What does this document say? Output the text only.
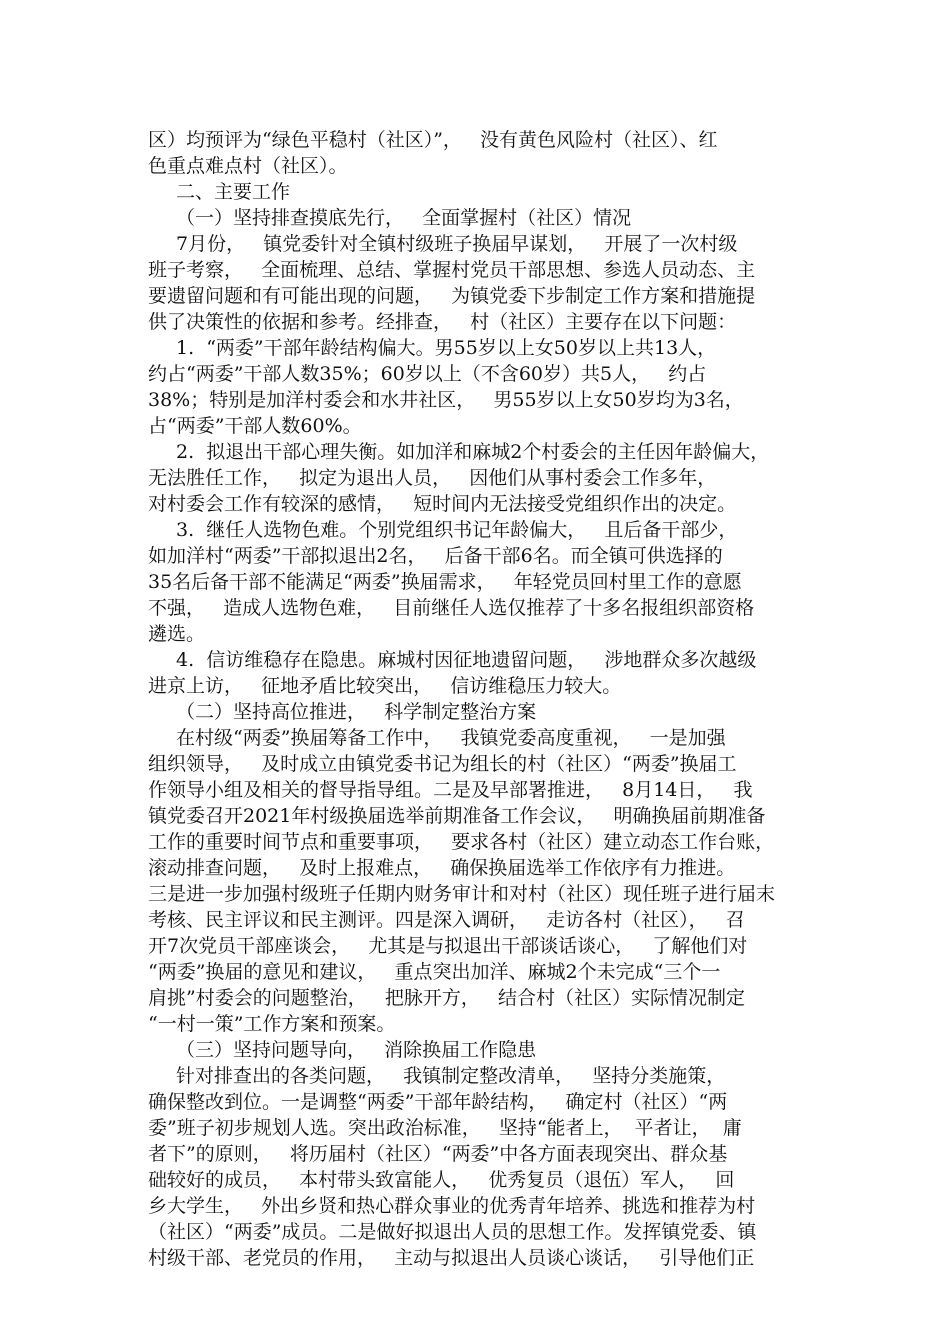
区）均预评为“绿色平稳村（社区）”，   没有黄色风险村（社区）、红
色重点难点村（社区）。
二、主要工作
（一）坚持排查摸底先行，   全面掌握村（社区）情况
7月份，   镇党委针对全镇村级班子换届早谋划，   开展了一次村级
班子考察，   全面梳理、总结、掌握村党员干部思想、参选人员动态、主
要遗留问题和有可能出现的问题，   为镇党委下步制定工作方案和措施提
供了决策性的依据和参考。经排查，   村（社区）主要存在以下问题：
1.  “两委”干部年龄结构偏大。男55岁以上女50岁以上共13人，
约占“两委”干部人数35%；60岁以上（不含60岁）共5人，   约占
38%；特别是加洋村委会和水井社区，   男55岁以上女50岁均为3名，
占“两委”干部人数60%。
2.  拟退出干部心理失衡。如加洋和麻城2个村委会的主任因年龄偏大，
无法胜任工作，   拟定为退出人员，   因他们从事村委会工作多年，
对村委会工作有较深的感情，   短时间内无法接受党组织作出的决定。
3.  继任人选物色难。个别党组织书记年龄偏大，   且后备干部少，
如加洋村“两委”干部拟退出2名，   后备干部6名。而全镇可供选择的
35名后备干部不能满足“两委”换届需求，   年轻党员回村里工作的意愿
不强，   造成人选物色难，   目前继任人选仅推荐了十多名报组织部资格
遴选。
4.  信访维稳存在隐患。麻城村因征地遗留问题，   涉地群众多次越级
进京上访，   征地矛盾比较突出，   信访维稳压力较大。
（二）坚持高位推进，   科学制定整治方案
在村级“两委”换届筹备工作中，   我镇党委高度重视，   一是加强
组织领导，   及时成立由镇党委书记为组长的村（社区）“两委”换届工
作领导小组及相关的督导指导组。二是及早部署推进，   8月14日，   我
镇党委召开2021年村级换届选举前期准备工作会议，   明确换届前期准备
工作的重要时间节点和重要事项，   要求各村（社区）建立动态工作台账，
滚动排查问题，   及时上报难点，   确保换届选举工作依序有力推进。
三是进一步加强村级班子任期内财务审计和对村（社区）现任班子进行届末
考核、民主评议和民主测评。四是深入调研，   走访各村（社区），   召
开7次党员干部座谈会，   尤其是与拟退出干部谈话谈心，   了解他们对
“两委”换届的意见和建议，   重点突出加洋、麻城2个未完成“三个一
肩挑”村委会的问题整治，   把脉开方，   结合村（社区）实际情况制定
“一村一策”工作方案和预案。
（三）坚持问题导向，   消除换届工作隐患
针对排查出的各类问题，   我镇制定整改清单，   坚持分类施策，
确保整改到位。一是调整“两委”干部年龄结构，   确定村（社区）“两
委”班子初步规划人选。突出政治标准，   坚持“能者上，  平者让，  庸
者下”的原则，   将历届村（社区）“两委”中各方面表现突出、群众基
础较好的成员，   本村带头致富能人，   优秀复员（退伍）军人，   回
乡大学生，   外出乡贤和热心群众事业的优秀青年培养、挑选和推荐为村
（社区）“两委”成员。二是做好拟退出人员的思想工作。发挥镇党委、镇
村级干部、老党员的作用，   主动与拟退出人员谈心谈话，   引导他们正
